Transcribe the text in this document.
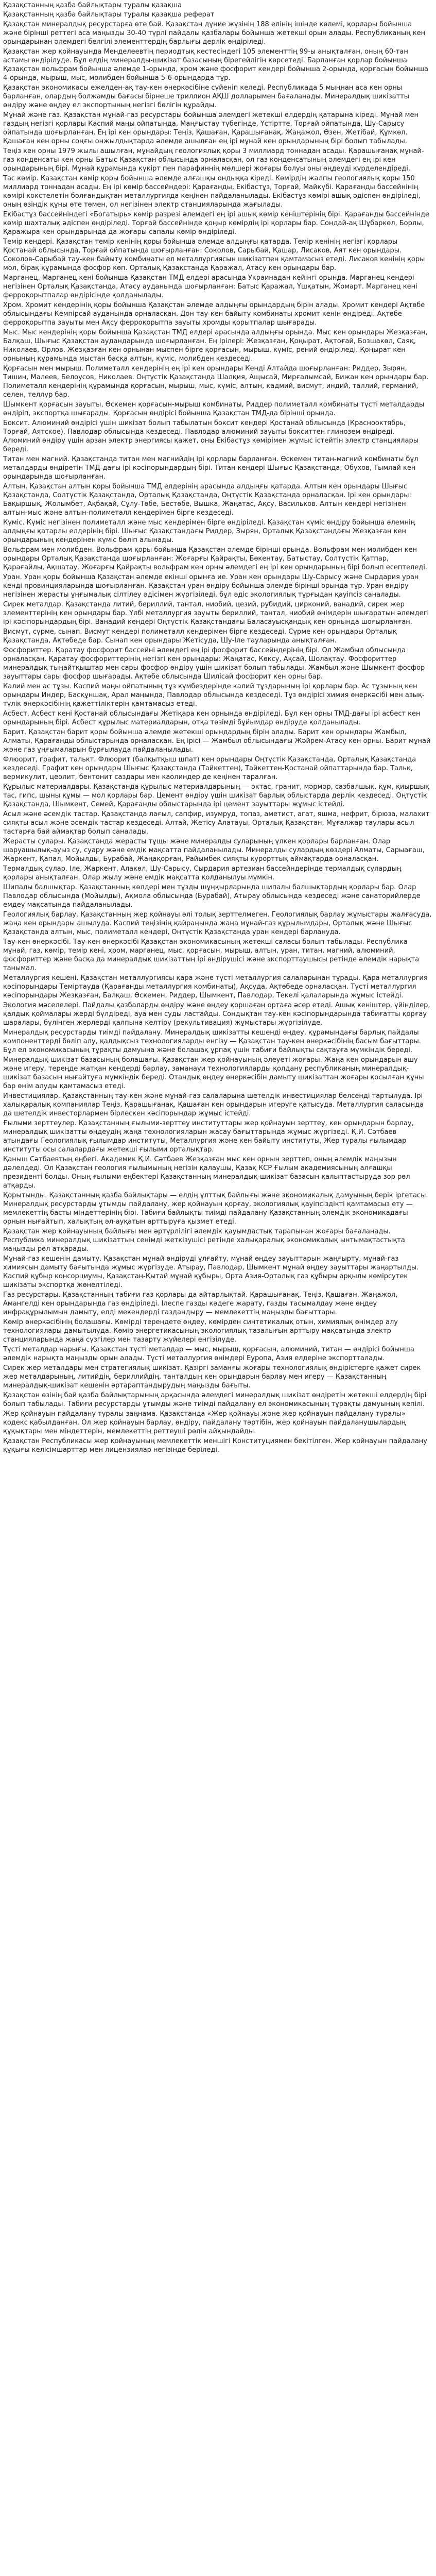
Қазақстанның қазба байлықтары туралы қазақша

Қазақстанның қазба байлықтары туралы қазақша реферат

Қазақстан минералдық ресурстарға өте бай. Қазақстан дүние жүзінің 188 елінің ішінде көлемі, қорлары бойынша және бірінші реттегі аса маңызды 30-40 түрлі пайдалы қазбалары бойынша жетекші орын алады. Республиканың кен орындарынан әлемдегі белгілі элементтердің барлығы дерлік өндіріледі.

Қазақстан жер қойнауында Менделеевтің периодтық кестесіндегі 105 элементтің 99-ы анықталған, оның 60-тан астамы өндірілуде. Бұл елдің минералды-шикізат базасының бірегейлігін көрсетеді. Барланған қорлар бойынша Қазақстан вольфрам бойынша әлемде 1-орында, хром және фосфорит кендері бойынша 2-орында, қорғасын бойынша 4-орында, мырыш, мыс, молибден бойынша 5-6-орындарда тұр.

Қазақстан экономикасы ежелден-ақ тау-кен өнеркәсібіне сүйеніп келеді. Республикада 5 мыңнан аса кен орны барланған, олардың болжамды бағасы бірнеше триллион АҚШ долларымен бағаланады. Минералдық шикізатты өндіру және өңдеу ел экспортының негізгі бөлігін құрайды.

Мұнай және газ. Қазақстан мұнай-газ ресурстары бойынша әлемдегі жетекші елдердің қатарына кіреді. Мұнай мен газдың негізгі қорлары Каспий маңы ойпатында, Маңғыстау түбегінде, Үстіртте, Торғай ойпатында, Шу-Сарысу ойпатында шоғырланған. Ең ірі кен орындары: Теңіз, Қашаған, Қарашығанақ, Жаңажол, Өзен, Жетібай, Құмкөл. Қашаған кен орны соңғы онжылдықтарда әлемде ашылған ең ірі мұнай кен орындарының бірі болып табылады.

Теңіз кен орны 1979 жылы ашылған, мұнайдың геологиялық қоры 3 миллиард тоннадан асады. Қарашығанақ мұнай-газ конденсаты кен орны Батыс Қазақстан облысында орналасқан, ол газ конденсатының әлемдегі ең ірі кен орындарының бірі. Мұнай құрамында күкірт пен парафиннің мөлшері жоғары болуы оны өңдеуді күрделендіреді.

Тас көмір. Қазақстан көмір қоры бойынша әлемде алғашқы ондыққа кіреді. Көмірдің жалпы геологиялық қоры 150 миллиард тоннадан асады. Ең ірі көмір бассейндері: Қарағанды, Екібастұз, Торғай, Майкүбі. Қарағанды бассейнінің көмірі кокстелетін болғандықтан металлургияда кеңінен пайдаланылады. Екібастұз көмірі ашық әдіспен өндіріледі, оның өзіндік құны өте төмен, ол негізінен электр станцияларында жағылады.

Екібастұз бассейніндегі «Богатырь» көмір разрезі әлемдегі ең ірі ашық көмір кеніштерінің бірі. Қарағанды бассейнінде көмір шахталық әдіспен өндіріледі. Торғай бассейнінде қоңыр көмірдің ірі қорлары бар. Сондай-ақ Шұбаркөл, Борлы, Қаражыра кен орындарында да жоғары сапалы көмір өндіріледі.

Темір кендері. Қазақстан темір кенінің қоры бойынша әлемде алдыңғы қатарда. Темір кенінің негізгі қорлары Қостанай облысында, Торғай ойпатында шоғырланған: Соколов, Сарыбай, Қашар, Лисаков, Аят кен орындары. Соколов-Сарыбай тау-кен байыту комбинаты ел металлургиясын шикізатпен қамтамасыз етеді. Лисаков кенінің қоры мол, бірақ құрамында фосфор көп. Орталық Қазақстанда Қаражал, Атасу кен орындары бар.

Марганец. Марганец кені бойынша Қазақстан ТМД елдері арасында Украинадан кейінгі орында. Марганец кендері негізінен Орталық Қазақстанда, Атасу ауданында шоғырланған: Батыс Қаражал, Үшқатын, Жомарт. Марганец кені ферроқорытпалар өндірісінде қолданылады.

Хром. Хромит кендерінің қоры бойынша Қазақстан әлемде алдыңғы орындардың бірін алады. Хромит кендері Ақтөбе облысындағы Кемпірсай ауданында орналасқан. Дон тау-кен байыту комбинаты хромит кенін өндіреді. Ақтөбе ферроқорытпа зауыты мен Ақсу ферроқорытпа зауыты хромды қорытпалар шығарады.

Мыс. Мыс кендерінің қоры бойынша Қазақстан ТМД елдері арасында алдыңғы орында. Мыс кен орындары Жезқазған, Балқаш, Шығыс Қазақстан аудандарында шоғырланған. Ең ірілері: Жезқазған, Қоңырат, Ақтоғай, Бозшакөл, Саяқ, Николаев, Орлов. Жезқазған кен орнынан мыспен бірге қорғасын, мырыш, күміс, рений өндіріледі. Қоңырат кен орнының құрамында мыстан басқа алтын, күміс, молибден кездеседі.

Қорғасын мен мырыш. Полиметалл кендерінің ең ірі кен орындары Кенді Алтайда шоғырланған: Риддер, Зырян, Тишин, Малеев, Белоусов, Николаев. Оңтүстік Қазақстанда Шалқия, Ащысай, Мирғалымсай, Бижан кен орындары бар. Полиметалл кендерінің құрамында қорғасын, мырыш, мыс, күміс, алтын, кадмий, висмут, индий, таллий, германий, селен, теллур бар.

Шымкент қорғасын зауыты, Өскемен қорғасын-мырыш комбинаты, Риддер полиметалл комбинаты түсті металдарды өндіріп, экспортқа шығарады. Қорғасын өндірісі бойынша Қазақстан ТМД-да бірінші орында.

Боксит. Алюминий өндірісі үшін шикізат болып табылатын боксит кендері Қостанай облысында (Краснооктябрь, Торғай, Аятское), Павлодар облысында кездеседі. Павлодар алюминий зауыты бокситтен глинозем өндіреді. Алюминий өндіру үшін арзан электр энергиясы қажет, оны Екібастұз көмірімен жұмыс істейтін электр станциялары береді.

Титан мен магний. Қазақстанда титан мен магнийдің ірі қорлары барланған. Өскемен титан-магний комбинаты бұл металдарды өндіретін ТМД-дағы ірі кәсіпорындардың бірі. Титан кендері Шығыс Қазақстанда, Обухов, Тымлай кен орындарында шоғырланған.

Алтын. Қазақстан алтын қоры бойынша ТМД елдерінің арасында алдыңғы қатарда. Алтын кен орындары Шығыс Қазақстанда, Солтүстік Қазақстанда, Орталық Қазақстанда, Оңтүстік Қазақстанда орналасқан. Ірі кен орындары: Бақыршық, Жолымбет, Ақбақай, Сұлу-Төбе, Бестөбе, Вышка, Жаңатас, Ақсу, Васильков. Алтын кендері негізінен алтын-мыс және алтын-полиметалл кендерімен бірге кездеседі.

Күміс. Күміс негізінен полиметалл және мыс кендерімен бірге өндіріледі. Қазақстан күміс өндіру бойынша әлемнің алдыңғы қатарлы елдерінің бірі. Шығыс Қазақстандағы Риддер, Зырян, Орталық Қазақстандағы Жезқазған кен орындарының кендерінен күміс бөліп алынады.

Вольфрам мен молибден. Вольфрам қоры бойынша Қазақстан әлемде бірінші орында. Вольфрам мен молибден кен орындары Орталық Қазақстанда шоғырланған: Жоғарғы Қайрақты, Бөкентау, Батыстау, Солтүстік Қатпар, Қарағайлы, Ақшатау. Жоғарғы Қайрақты вольфрам кен орны әлемдегі ең ірі кен орындарының бірі болып есептеледі.

Уран. Уран қоры бойынша Қазақстан әлемде екінші орынға ие. Уран кен орындары Шу-Сарысу және Сырдария уран кенді провинцияларында шоғырланған. Қазақстан уран өндіру бойынша әлемде бірінші орында тұр. Уран өндіру негізінен жерасты ұңғымалық сілтілеу әдісімен жүргізіледі, бұл әдіс экологиялық тұрғыдан қауіпсіз саналады.

Сирек металдар. Қазақстанда литий, бериллий, тантал, ниобий, цезий, рубидий, цирконий, ванадий, сирек жер элементтерінің кен орындары бар. Үлбі металлургия зауыты бериллий, тантал, ниобий өнімдерін шығаратын әлемдегі ірі кәсіпорындардың бірі. Ванадий кендері Оңтүстік Қазақстандағы Баласауысқандық кен орнында шоғырланған.

Висмут, сүрме, сынап. Висмут кендері полиметалл кендерімен бірге кездеседі. Сүрме кен орындары Орталық Қазақстанда, Ақтөбеде бар. Сынап кен орындары Жетісуда, Шу-Іле тауларында анықталған.

Фосфориттер. Қаратау фосфорит бассейні әлемдегі ең ірі фосфорит бассейндерінің бірі. Ол Жамбыл облысында орналасқан. Қаратау фосфориттерінің негізгі кен орындары: Жаңатас, Көксу, Ақсай, Шолақтау. Фосфориттер минералдық тыңайтқыштар мен сары фосфор өндіру үшін шикізат болып табылады. Жамбыл және Шымкент фосфор зауыттары сары фосфор шығарады. Ақтөбе облысында Шилісай фосфорит кен орны бар.

Калий мен ас тұзы. Каспий маңы ойпатының тұз күмбездерінде калий тұздарының ірі қорлары бар. Ас тұзының кен орындары Индер, Басқұншақ, Арал маңында, Павлодар облысында кездеседі. Тұз өндірісі химия өнеркәсібі мен азық-түлік өнеркәсібінің қажеттіліктерін қамтамасыз етеді.

Асбест. Асбест кені Қостанай облысындағы Жетіқара кен орнында өндіріледі. Бұл кен орны ТМД-дағы ірі асбест кен орындарының бірі. Асбест құрылыс материалдарын, отқа төзімді бұйымдар өндіруде қолданылады.

Барит. Қазақстан барит қоры бойынша әлемде жетекші орындардың бірін алады. Барит кен орындары Жамбыл, Алматы, Қарағанды облыстарында орналасқан. Ең ірісі — Жамбыл облысындағы Жәйрем-Атасу кен орны. Барит мұнай және газ ұңғымаларын бұрғылауда пайдаланылады.

Флюорит, графит, талькт. Флюорит (балқытқыш шпат) кен орындары Оңтүстік Қазақстанда, Орталық Қазақстанда кездеседі. Графит кен орындары Шығыс Қазақстанда (Тайкеттен), Тайкеттен-Қостанай ойпаттарында бар. Тальк, вермикулит, цеолит, бентонит саздары мен каолиндер де кеңінен таралған.

Құрылыс материалдары. Қазақстанда құрылыс материалдарының — әктас, гранит, мәрмәр, сазбалшық, құм, қиыршық тас, гипс, шыны құмы — мол қорлары бар. Цемент өндіру үшін шикізат барлық облыстарда дерлік кездеседі. Оңтүстік Қазақстанда, Шымкент, Семей, Қарағанды облыстарында ірі цемент зауыттары жұмыс істейді.

Асыл және әсемдік тастар. Қазақстанда лағыл, сапфир, изумруд, топаз, аметист, агат, яшма, нефрит, бірюза, малахит сияқты асыл және әсемдік тастар кездеседі. Алтай, Жетісу Алатауы, Орталық Қазақстан, Мұғалжар таулары асыл тастарға бай аймақтар болып саналады.

Жерасты сулары. Қазақстанда жерасты тұщы және минералды суларының үлкен қорлары барланған. Олар шаруашылық-ауыз су, суару және емдік мақсатта пайдаланылады. Минералды сулардың көздері Алматы, Сарыағаш, Жаркент, Қапал, Мойылды, Бурабай, Жаңақорған, Райымбек сияқты курорттық аймақтарда орналасқан.

Термалдық сулар. Іле, Жаркент, Алакөл, Шу-Сарысу, Сырдария артезиан бассейндерінде термалдық сулардың қорлары анықталған. Олар жылу және емдік мақсатта қолданылуы мүмкін.

Шипалы балшықтар. Қазақстанның көлдері мен тұзды шұңқырларында шипалы балшықтардың қорлары бар. Олар Павлодар облысында (Мойылды), Ақмола облысында (Бурабай), Атырау облысында кездеседі және санаторийлерде емдеу мақсатында пайдаланылады.

Геологиялық барлау. Қазақстанның жер қойнауы әлі толық зерттелмеген. Геологиялық барлау жұмыстары жалғасуда, жаңа кен орындары ашылуда. Каспий теңізінің қайраңында жаңа мұнай-газ құрылымдары, Орталық және Шығыс Қазақстанда алтын, мыс, полиметалл кендері, Оңтүстік Қазақстанда уран кендері барлануда.

Тау-кен өнеркәсібі. Тау-кен өнеркәсібі Қазақстан экономикасының жетекші саласы болып табылады. Республика мұнай, газ, көмір, темір кені, хром, марганец, мыс, қорғасын, мырыш, алтын, уран, титан, магний, алюминий, фосфориттер және басқа да минералдық шикізаттың ірі өндірушісі және экспорттаушысы ретінде әлемдік нарықта танымал.

Металлургия кешені. Қазақстан металлургиясы қара және түсті металлургия салаларынан тұрады. Қара металлургия кәсіпорындары Теміртауда (Қарағанды металлургия комбинаты), Ақсуда, Ақтөбеде орналасқан. Түсті металлургия кәсіпорындары Жезқазған, Балқаш, Өскемен, Риддер, Шымкент, Павлодар, Текелі қалаларында жұмыс істейді.

Экология мәселелері. Пайдалы қазбаларды өндіру және өңдеу қоршаған ортаға әсер етеді. Ашық кеніштер, үйінділер, қалдық қоймалары жерді бүлдіреді, ауа мен суды ластайды. Сондықтан тау-кен кәсіпорындарында табиғатты қорғау шаралары, бүлінген жерлерді қалпына келтіру (рекультивация) жұмыстары жүргізілуде.

Минералдық ресурстарды тиімді пайдалану. Минералдық шикізатты кешенді өңдеу, құрамындағы барлық пайдалы компоненттерді бөліп алу, қалдықсыз технологияларды енгізу — Қазақстан тау-кен өнеркәсібінің басым бағыттары. Бұл ел экономикасының тұрақты дамуына және болашақ ұрпақ үшін табиғи байлықты сақтауға мүмкіндік береді.

Минералдық-шикізат базасының болашағы. Қазақстан жер қойнауының әлеуеті жоғары. Жаңа кен орындарын ашу және игеру, тереңде жатқан кендерді барлау, заманауи технологияларды қолдану республиканың минералдық-шикізат базасын нығайтуға мүмкіндік береді. Отандық өңдеу өнеркәсібін дамыту шикізаттан жоғары қосылған құны бар өнім алуды қамтамасыз етеді.

Инвестициялар. Қазақстанның тау-кен және мұнай-газ салаларына шетелдік инвестициялар белсенді тартылуда. Ірі халықаралық компаниялар Теңіз, Қарашығанақ, Қашаған кен орындарын игеруге қатысуда. Металлургия саласында да шетелдік инвесторлармен бірлескен кәсіпорындар жұмыс істейді.

Ғылыми зерттеулер. Қазақстанның ғылыми-зерттеу институттары жер қойнауын зерттеу, кен орындарын барлау, минералдық шикізатты өңдеудің жаңа технологияларын жасау бағыттарында жұмыс жүргізеді. Қ.И. Сәтбаев атындағы Геологиялық ғылымдар институты, Металлургия және кен байыту институты, Жер туралы ғылымдар институты осы салалардағы жетекші ғылыми орталықтар.

Қаныш Сәтбаевтың еңбегі. Академик Қ.И. Сәтбаев Жезқазған мыс кен орнын зерттеп, оның әлемдік маңызын дәлелдеді. Ол Қазақстан геология ғылымының негізін қалаушы, Қазақ КСР Ғылым академиясының алғашқы президенті болды. Оның ғылыми еңбектері Қазақстанның минералдық-шикізат базасын қалыптастыруда зор рөл атқарды.

Қорытынды. Қазақстанның қазба байлықтары — елдің ұлттық байлығы және экономикалық дамуының берік іргетасы. Минералдық ресурстарды ұтымды пайдалану, жер қойнауын қорғау, экологиялық қауіпсіздікті қамтамасыз ету — мемлекеттің басты міндеттерінің бірі. Табиғи байлықты тиімді пайдалану Қазақстанның әлемдік экономикадағы орнын нығайтып, халықтың әл-ауқатын арттыруға қызмет етеді.

Қазақстан жер қойнауының байлығы мен әртүрлілігі әлемдік қауымдастық тарапынан жоғары бағаланады. Республика минералдық шикізаттың сенімді жеткізушісі ретінде халықаралық экономикалық ынтымақтастықта маңызды рөл атқарады.

Мұнай-газ кешенін дамыту. Қазақстан мұнай өндіруді ұлғайту, мұнай өңдеу зауыттарын жаңғырту, мұнай-газ химиясын дамыту бағытында жұмыс жүргізуде. Атырау, Павлодар, Шымкент мұнай өңдеу зауыттары жаңартылды. Каспий құбыр консорциумы, Қазақстан-Қытай мұнай құбыры, Орта Азия-Орталық газ құбыры арқылы көмірсутек шикізаты экспортқа жөнелтіледі.

Газ ресурстары. Қазақстанның табиғи газ қорлары да айтарлықтай. Қарашығанақ, Теңіз, Қашаған, Жаңажол, Амангелді кен орындарында газ өндіріледі. Ілеспе газды кәдеге жарату, газды тасымалдау және өңдеу инфрақұрылымын дамыту, елді мекендерді газдандыру — мемлекеттің маңызды бағыттары.

Көмір өнеркәсібінің болашағы. Көмірді тереңдете өңдеу, көмірден синтетикалық отын, химиялық өнімдер алу технологиялары дамытылуда. Көмір энергетикасының экологиялық тазалығын арттыру мақсатында электр станцияларында жаңа сүзгілер мен тазарту жүйелері енгізілуде.

Түсті металдар нарығы. Қазақстан түсті металдар — мыс, мырыш, қорғасын, алюминий, титан — өндірісі бойынша әлемдік нарықта маңызды орын алады. Түсті металлургия өнімдері Еуропа, Азия елдеріне экспортталады.

Сирек жер металдары мен стратегиялық шикізат. Қазіргі заманғы жоғары технологиялық өндірістерге қажет сирек жер металдарының, литийдің, бериллийдің, танталдың кен орындарын барлау мен игеру — Қазақстанның минералдық-шикізат кешенін әртараптандырудың маңызды бағыты.

Қазақстан өзінің бай қазба байлықтарының арқасында әлемдегі минералдық шикізат өндіретін жетекші елдердің бірі болып табылады. Табиғи ресурстарды ұтымды және тиімді пайдалану ел экономикасының тұрақты дамуының кепілі.

Жер қойнауын пайдалану туралы заңнама. Қазақстанда «Жер қойнауы және жер қойнауын пайдалану туралы» кодекс қабылданған. Ол жер қойнауын барлау, өндіру, пайдалану тәртібін, жер қойнауын пайдаланушылардың құқықтары мен міндеттерін, мемлекеттің реттеуші рөлін айқындайды.

Қазақстан Республикасы жер қойнауының мемлекеттік меншігі Конституциямен бекітілген. Жер қойнауын пайдалану құқығы келісімшарттар мен лицензиялар негізінде беріледі.
